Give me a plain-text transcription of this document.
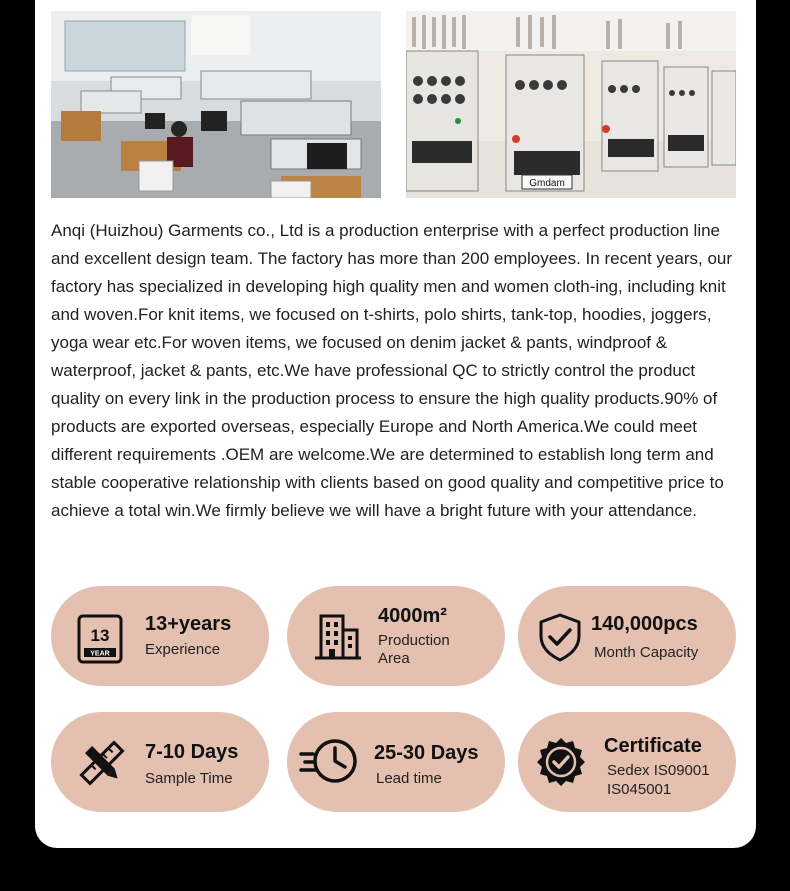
Gmdam

Anqi (Huizhou) Garments co., Ltd is a production enterprise with a perfect production line and excellent design team. The factory has more than 200 employees. In recent years, our factory has specialized in developing high quality men and women cloth-ing, including knit and woven.For knit items, we focused on t-shirts, polo shirts, tank-top, hoodies, joggers, yoga wear etc.For woven items, we focused on denim jacket & pants, windproof & waterproof, jacket & pants, etc.We have professional QC to strictly control the product quality on every link in the production process to ensure the high quality products.90% of products are exported overseas, especially Europe and North America.We could meet different requirements .OEM are welcome.We are determined to establish long term and stable cooperative relationship with clients based on good quality and competitive price to achieve a total win.We firmly believe we will have a bright future with your attendance.

13
YEAR
13+years
Experience
4000m²
Production
Area
140,000pcs
Month Capacity
7-10 Days
Sample Time
25-30 Days
Lead time
Certificate
Sedex IS09001
IS045001
